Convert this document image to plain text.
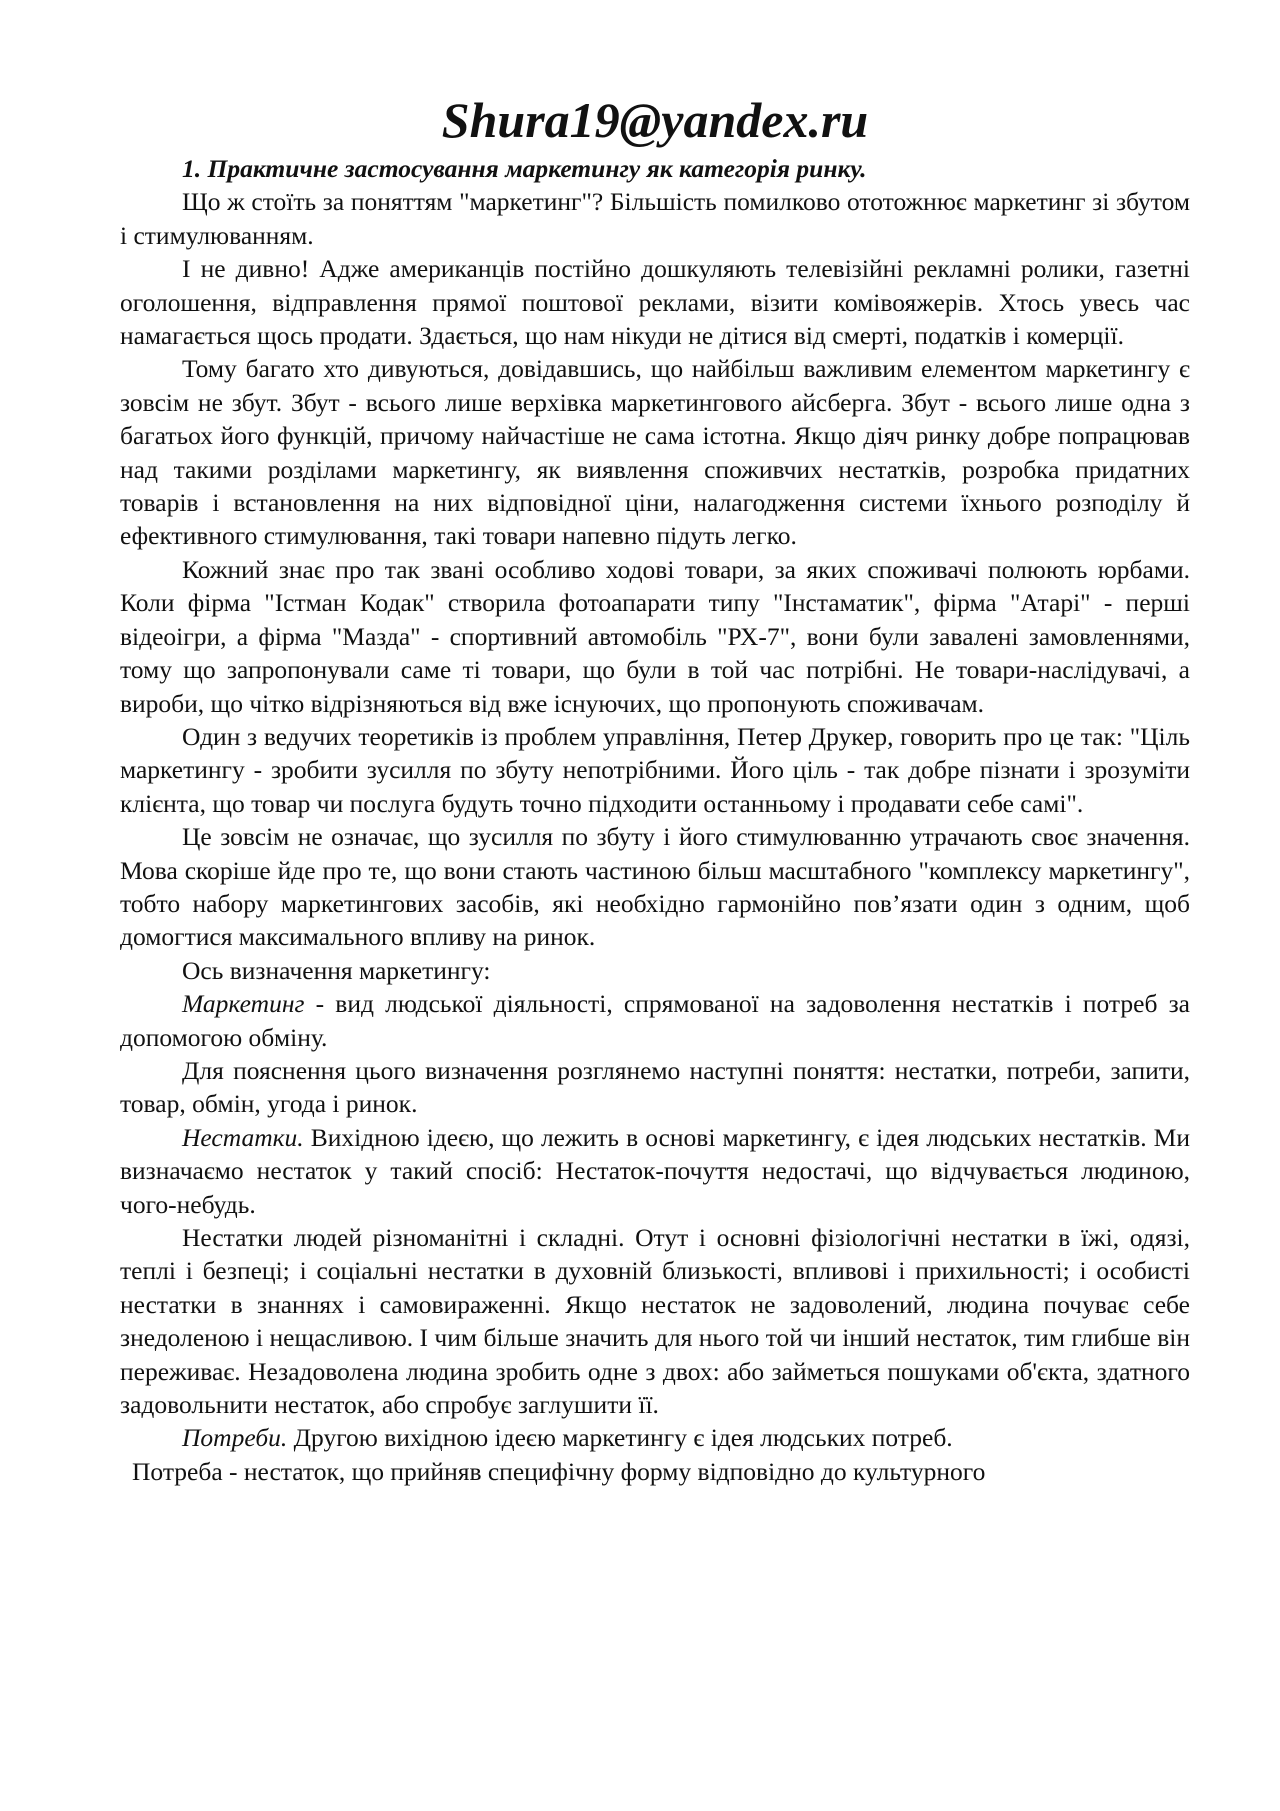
Shura19@yandex.ru
1. Практичне застосування маркетингу як категорія ринку.

Що ж стоїть за поняттям "маркетинг"? Більшість помилково ототожнює маркетинг зі збутом і стимулюванням.

І не дивно! Адже американців постійно дошкуляють телевізійні рекламні ролики, газетні оголошення, відправлення прямої поштової реклами, візити комівояжерів. Хтось увесь час намагається щось продати. Здається, що нам нікуди не дітися від смерті, податків і комерції.

Тому багато хто дивуються, довідавшись, що найбільш важливим елементом маркетингу є зовсім не збут. Збут - всього лише верхівка маркетингового айсберга. Збут - всього лише одна з багатьох його функцій, причому найчастіше не сама істотна. Якщо діяч ринку добре попрацював над такими розділами маркетингу, як виявлення споживчих нестатків, розробка придатних товарів і встановлення на них відповідної ціни, налагодження системи їхнього розподілу й ефективного стимулювання, такі товари напевно підуть легко.

Кожний знає про так звані особливо ходові товари, за яких споживачі полюють юрбами. Коли фірма "Істман Кодак" створила фотоапарати типу "Інстаматик", фірма "Атарі" - перші відеоігри, а фірма "Мазда" - спортивний автомобіль "РХ-7", вони були завалені замовленнями, тому що запропонували саме ті товари, що були в той час потрібні. Не товари-наслідувачі, а вироби, що чітко відрізняються від вже існуючих, що пропонують споживачам.

Один з ведучих теоретиків із проблем управління, Петер Друкер, говорить про це так: "Ціль маркетингу - зробити зусилля по збуту непотрібними. Його ціль - так добре пізнати і зрозуміти клієнта, що товар чи послуга будуть точно підходити останньому і продавати себе самі".

Це зовсім не означає, що зусилля по збуту і його стимулюванню утрачають своє значення. Мова скоріше йде про те, що вони стають частиною більш масштабного "комплексу маркетингу", тобто набору маркетингових засобів, які необхідно гармонійно пов’язати один з одним, щоб домогтися максимального впливу на ринок.

Ось визначення маркетингу:

Маркетинг - вид людської діяльності, спрямованої на задоволення нестатків і потреб за допомогою обміну.

Для пояснення цього визначення розглянемо наступні поняття: нестатки, потреби, запити, товар, обмін, угода і ринок.

Нестатки. Вихідною ідеєю, що лежить в основі маркетингу, є ідея людських нестатків. Ми визначаємо нестаток у такий спосіб: Нестаток-почуття недостачі, що відчувається людиною, чого-небудь.

Нестатки людей різноманітні і складні. Отут і основні фізіологічні нестатки в їжі, одязі, теплі і безпеці; і соціальні нестатки в духовній близькості, впливові і прихильності; і особисті нестатки в знаннях і самовираженні. Якщо нестаток не задоволений, людина почуває себе знедоленою і нещасливою. І чим більше значить для нього той чи інший нестаток, тим глибше він переживає. Незадоволена людина зробить одне з двох: або займеться пошуками об'єкта, здатного задовольнити нестаток, або спробує заглушити її.

Потреби. Другою вихідною ідеєю маркетингу є ідея людських потреб.

Потреба - нестаток, що прийняв специфічну форму відповідно до культурного
